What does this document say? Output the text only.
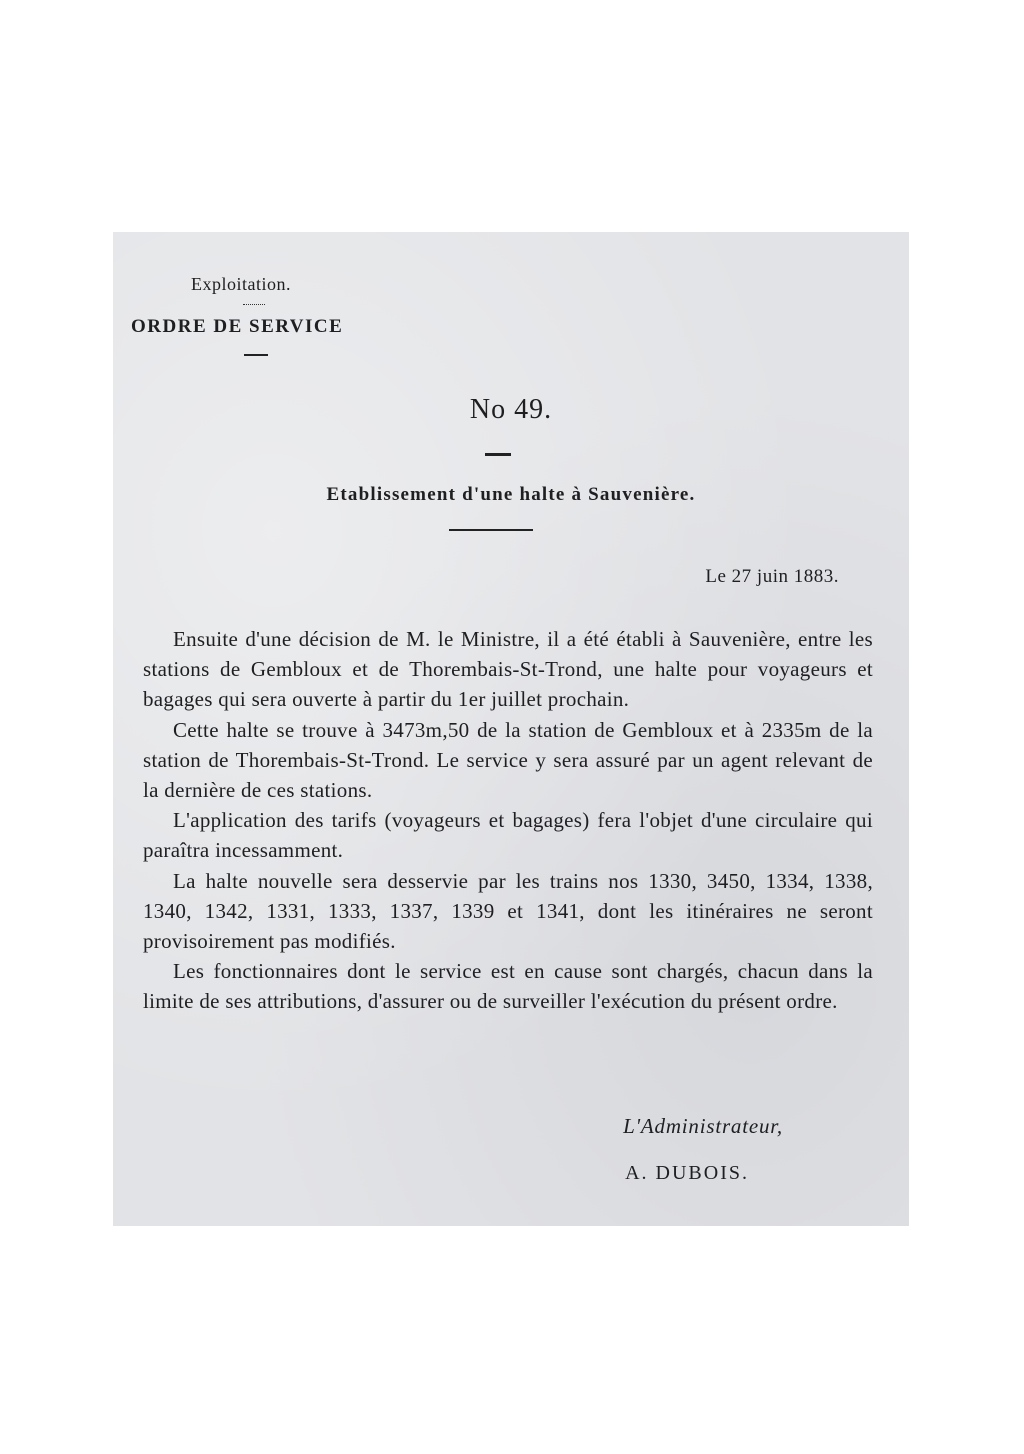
Exploitation.
ORDRE DE SERVICE
No 49.
Etablissement d'une halte à Sauvenière.
Le 27 juin 1883.

Ensuite d'une décision de M. le Ministre, il a été établi à Sauvenière, entre les stations de Gembloux et de Thorembais-St-Trond, une halte pour voyageurs et bagages qui sera ouverte à partir du 1er juillet prochain.

Cette halte se trouve à 3473m,50 de la station de Gembloux et à 2335m de la station de Thorembais-St-Trond. Le service y sera assuré par un agent relevant de la dernière de ces stations.

L'application des tarifs (voyageurs et bagages) fera l'objet d'une circulaire qui paraîtra incessamment.

La halte nouvelle sera desservie par les trains nos 1330, 3450, 1334, 1338, 1340, 1342, 1331, 1333, 1337, 1339 et 1341, dont les itinéraires ne seront provisoirement pas modifiés.

Les fonctionnaires dont le service est en cause sont chargés, chacun dans la limite de ses attributions, d'assurer ou de surveiller l'exécution du présent ordre.

L'Administrateur,
A. DUBOIS.
